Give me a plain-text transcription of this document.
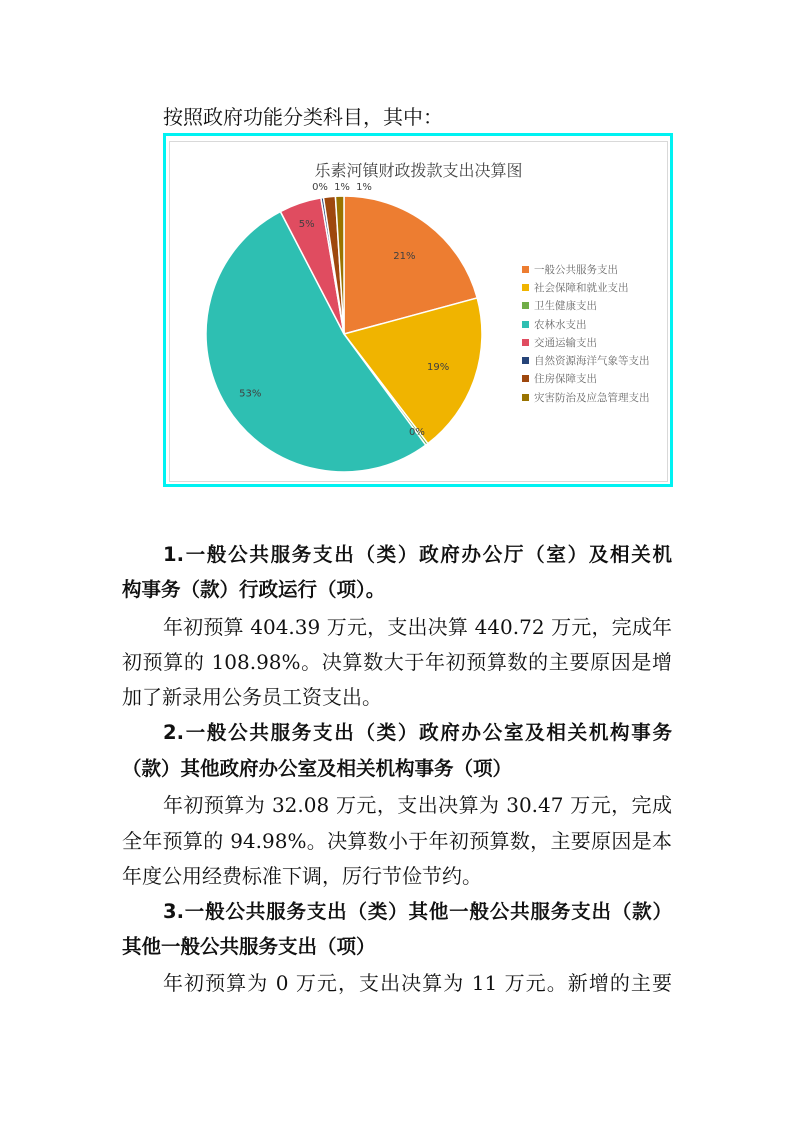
按照政府功能分类科目，其中：
乐素河镇财政拨款支出决算图
21%
19%
0%
53%
5%
0% 1% 1%
一般公共服务支出
社会保障和就业支出
卫生健康支出
农林水支出
交通运输支出
自然资源海洋气象等支出
住房保障支出
灾害防治及应急管理支出
1.一般公共服务支出（类）政府办公厅（室）及相关机
构事务（款）行政运行（项）。
年初预算 404.39 万元，支出决算 440.72 万元，完成年
初预算的 108.98%。决算数大于年初预算数的主要原因是增
加了新录用公务员工资支出。
2.一般公共服务支出（类）政府办公室及相关机构事务
（款）其他政府办公室及相关机构事务（项）
年初预算为 32.08 万元，支出决算为 30.47 万元，完成
全年预算的 94.98%。决算数小于年初预算数，主要原因是本
年度公用经费标准下调，厉行节俭节约。
3.一般公共服务支出（类）其他一般公共服务支出（款）
其他一般公共服务支出（项）
年初预算为 0 万元，支出决算为 11 万元。新增的主要
